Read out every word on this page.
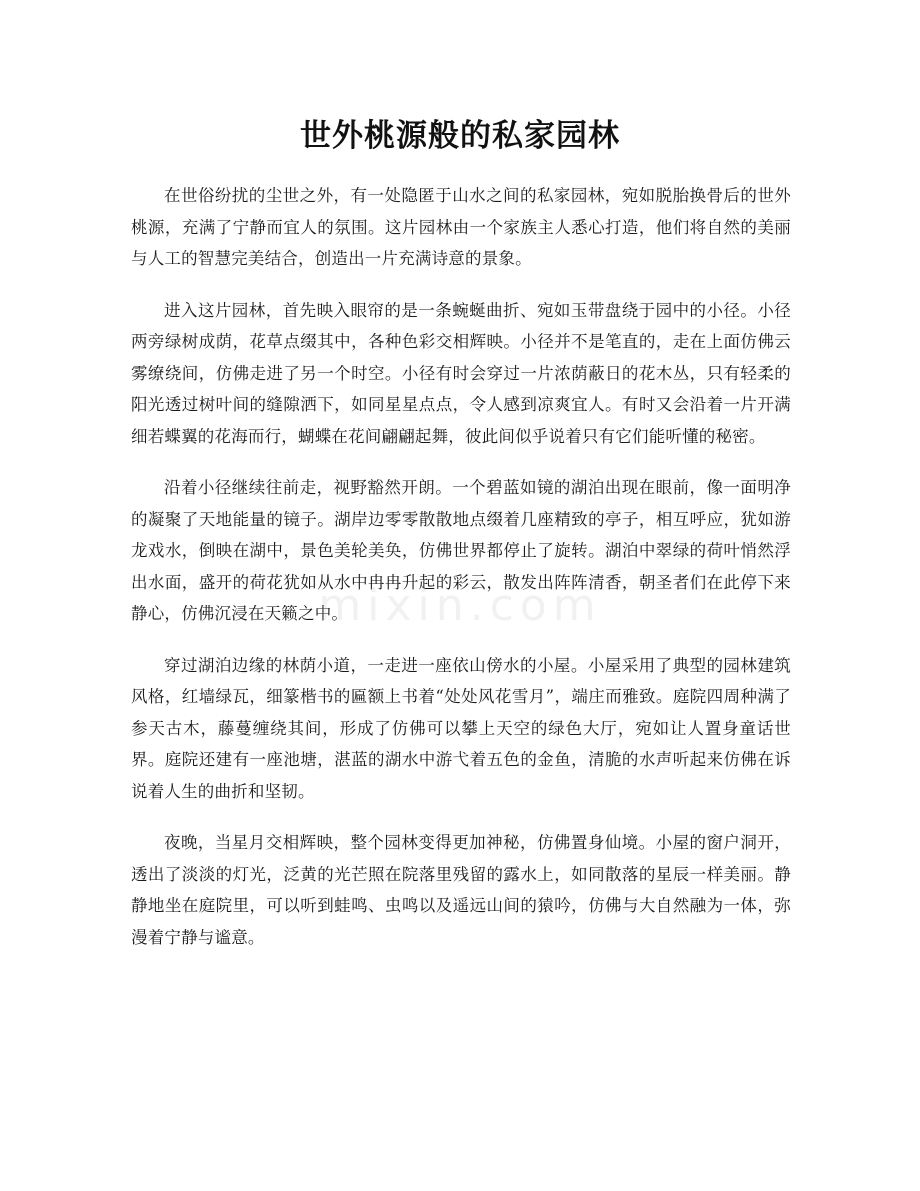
世外桃源般的私家园林

在世俗纷扰的尘世之外，有一处隐匿于山水之间的私家园林，宛如脱胎换骨后的世外桃源，充满了宁静而宜人的氛围。这片园林由一个家族主人悉心打造，他们将自然的美丽与人工的智慧完美结合，创造出一片充满诗意的景象。

进入这片园林，首先映入眼帘的是一条蜿蜒曲折、宛如玉带盘绕于园中的小径。小径两旁绿树成荫，花草点缀其中，各种色彩交相辉映。小径并不是笔直的，走在上面仿佛云雾缭绕间，仿佛走进了另一个时空。小径有时会穿过一片浓荫蔽日的花木丛，只有轻柔的阳光透过树叶间的缝隙洒下，如同星星点点，令人感到凉爽宜人。有时又会沿着一片开满细若蝶翼的花海而行，蝴蝶在花间翩翩起舞，彼此间似乎说着只有它们能听懂的秘密。

沿着小径继续往前走，视野豁然开朗。一个碧蓝如镜的湖泊出现在眼前，像一面明净的凝聚了天地能量的镜子。湖岸边零零散散地点缀着几座精致的亭子，相互呼应，犹如游龙戏水，倒映在湖中，景色美轮美奂，仿佛世界都停止了旋转。湖泊中翠绿的荷叶悄然浮出水面，盛开的荷花犹如从水中冉冉升起的彩云，散发出阵阵清香，朝圣者们在此停下来静心，仿佛沉浸在天籁之中。

穿过湖泊边缘的林荫小道，一走进一座依山傍水的小屋。小屋采用了典型的园林建筑风格，红墙绿瓦，细篆楷书的匾额上书着“处处风花雪月”，端庄而雅致。庭院四周种满了参天古木，藤蔓缠绕其间，形成了仿佛可以攀上天空的绿色大厅，宛如让人置身童话世界。庭院还建有一座池塘，湛蓝的湖水中游弋着五色的金鱼，清脆的水声听起来仿佛在诉说着人生的曲折和坚韧。

夜晚，当星月交相辉映，整个园林变得更加神秘，仿佛置身仙境。小屋的窗户洞开，透出了淡淡的灯光，泛黄的光芒照在院落里残留的露水上，如同散落的星辰一样美丽。静静地坐在庭院里，可以听到蛙鸣、虫鸣以及遥远山间的猿吟，仿佛与大自然融为一体，弥漫着宁静与谧意。

mixin.com
